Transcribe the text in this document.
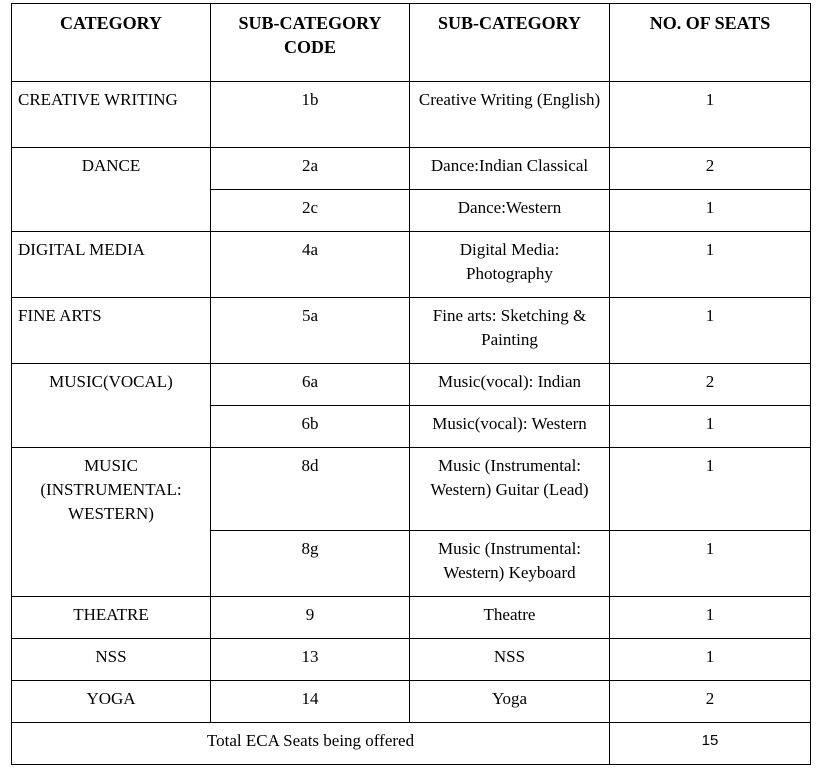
CATEGORY	SUB-CATEGORY CODE	SUB-CATEGORY	NO. OF SEATS
CREATIVE WRITING	1b	Creative Writing (English)	1
DANCE	2a	Dance:Indian Classical	2
	2c	Dance:Western	1
DIGITAL MEDIA	4a	Digital Media: Photography	1
FINE ARTS	5a	Fine arts: Sketching & Painting	1
MUSIC(VOCAL)	6a	Music(vocal): Indian	2
	6b	Music(vocal): Western	1
MUSIC (INSTRUMENTAL: WESTERN)	8d	Music (Instrumental: Western) Guitar (Lead)	1
	8g	Music (Instrumental: Western) Keyboard	1
THEATRE	9	Theatre	1
NSS	13	NSS	1
YOGA	14	Yoga	2
Total ECA Seats being offered			15
